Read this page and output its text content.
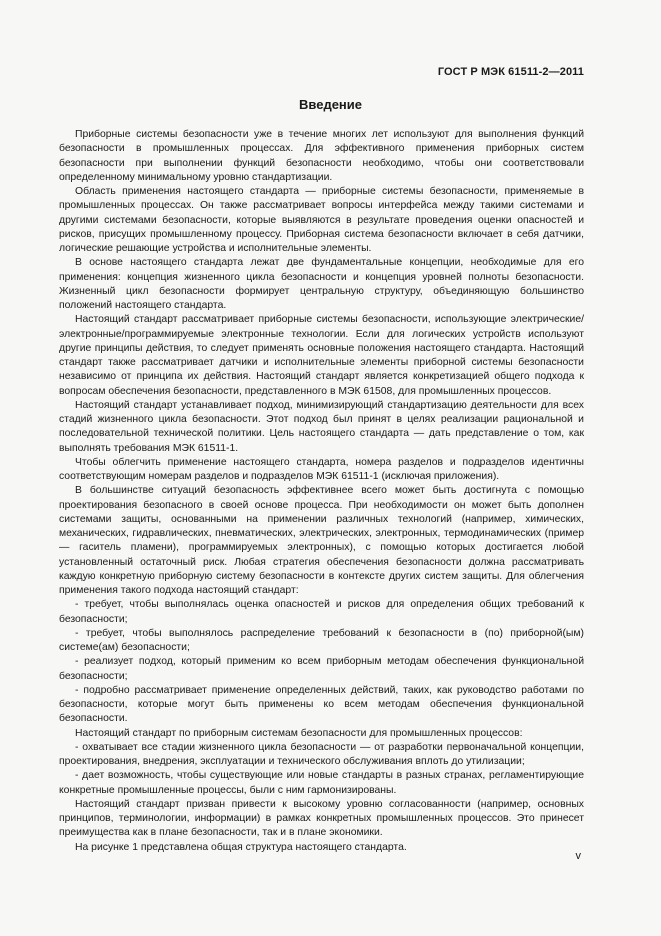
ГОСТ Р МЭК 61511-2—2011
Введение

Приборные системы безопасности уже в течение многих лет используют для выполнения функций безопасности в промышленных процессах. Для эффективного применения приборных систем безопасности при выполнении функций безопасности необходимо, чтобы они соответствовали определенному минимальному уровню стандартизации.

Область применения настоящего стандарта — приборные системы безопасности, применяемые в промышленных процессах. Он также рассматривает вопросы интерфейса между такими системами и другими системами безопасности, которые выявляются в результате проведения оценки опасностей и рисков, присущих промышленному процессу. Приборная система безопасности включает в себя датчики, логические решающие устройства и исполнительные элементы.

В основе настоящего стандарта лежат две фундаментальные концепции, необходимые для его применения: концепция жизненного цикла безопасности и концепция уровней полноты безопасности. Жизненный цикл безопасности формирует центральную структуру, объединяющую большинство положений настоящего стандарта.

Настоящий стандарт рассматривает приборные системы безопасности, использующие электрические/электронные/программируемые электронные технологии. Если для логических устройств используют другие принципы действия, то следует применять основные положения настоящего стандарта. Настоящий стандарт также рассматривает датчики и исполнительные элементы приборной системы безопасности независимо от принципа их действия. Настоящий стандарт является конкретизацией общего подхода к вопросам обеспечения безопасности, представленного в МЭК 61508, для промышленных процессов.

Настоящий стандарт устанавливает подход, минимизирующий стандартизацию деятельности для всех стадий жизненного цикла безопасности. Этот подход был принят в целях реализации рациональной и последовательной технической политики. Цель настоящего стандарта — дать представление о том, как выполнять требования МЭК 61511-1.

Чтобы облегчить применение настоящего стандарта, номера разделов и подразделов идентичны соответствующим номерам разделов и подразделов МЭК 61511-1 (исключая приложения).

В большинстве ситуаций безопасность эффективнее всего может быть достигнута с помощью проектирования безопасного в своей основе процесса. При необходимости он может быть дополнен системами защиты, основанными на применении различных технологий (например, химических, механических, гидравлических, пневматических, электрических, электронных, термодинамических (пример — гаситель пламени), программируемых электронных), с помощью которых достигается любой установленный остаточный риск. Любая стратегия обеспечения безопасности должна рассматривать каждую конкретную приборную систему безопасности в контексте других систем защиты. Для облегчения применения такого подхода настоящий стандарт:

- требует, чтобы выполнялась оценка опасностей и рисков для определения общих требований к безопасности;

- требует, чтобы выполнялось распределение требований к безопасности в (по) приборной(ым) системе(ам) безопасности;

- реализует подход, который применим ко всем приборным методам обеспечения функциональной безопасности;

- подробно рассматривает применение определенных действий, таких, как руководство работами по безопасности, которые могут быть применены ко всем методам обеспечения функциональной безопасности.

Настоящий стандарт по приборным системам безопасности для промышленных процессов:

- охватывает все стадии жизненного цикла безопасности — от разработки первоначальной концепции, проектирования, внедрения, эксплуатации и технического обслуживания вплоть до утилизации;

- дает возможность, чтобы существующие или новые стандарты в разных странах, регламентирующие конкретные промышленные процессы, были с ним гармонизированы.

Настоящий стандарт призван привести к высокому уровню согласованности (например, основных принципов, терминологии, информации) в рамках конкретных промышленных процессов. Это принесет преимущества как в плане безопасности, так и в плане экономики.

На рисунке 1 представлена общая структура настоящего стандарта.

v
